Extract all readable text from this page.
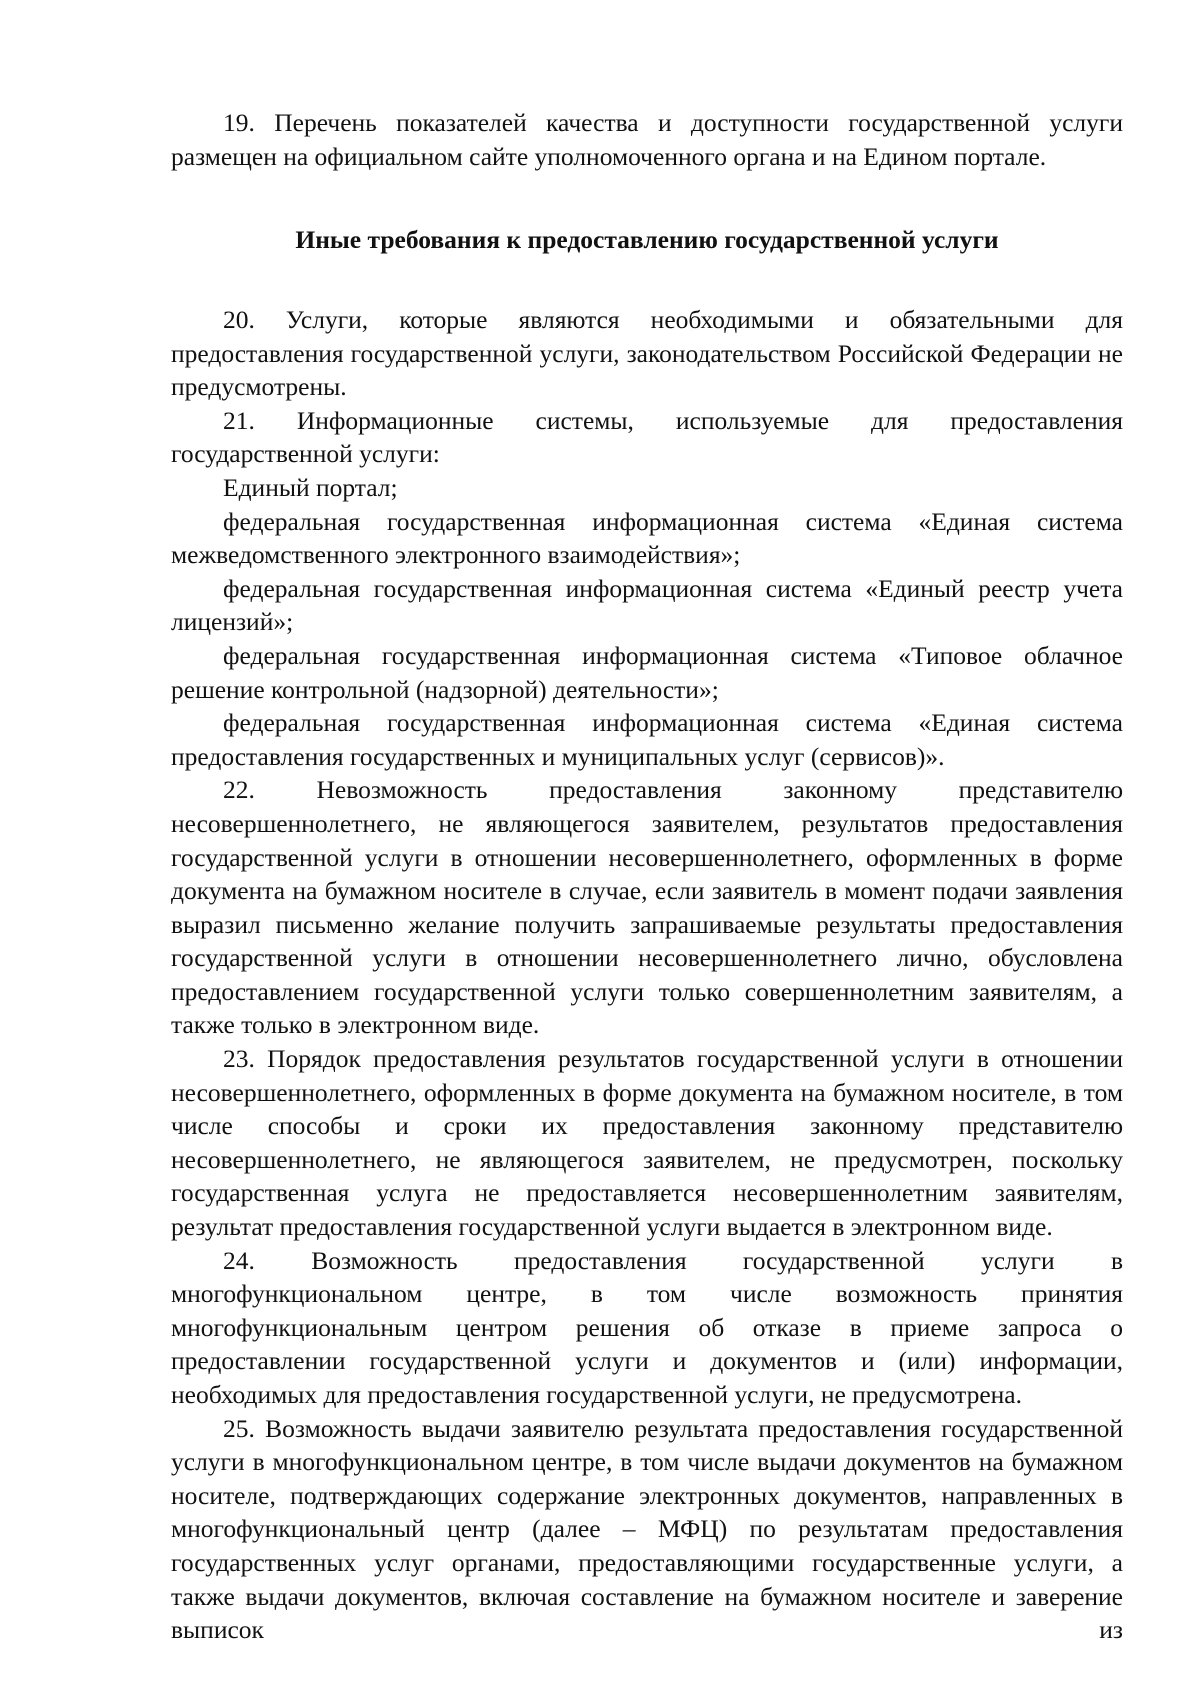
19. Перечень показателей качества и доступности государственной услуги размещен на официальном сайте уполномоченного органа и на Едином портале.

Иные требования к предоставлению государственной услуги

20. Услуги, которые являются необходимыми и обязательными для предоставления государственной услуги, законодательством Российской Федерации не предусмотрены.

21. Информационные системы, используемые для предоставления государственной услуги:

Единый портал;

федеральная государственная информационная система «Единая система межведомственного электронного взаимодействия»;

федеральная государственная информационная система «Единый реестр учета лицензий»;

федеральная государственная информационная система «Типовое облачное решение контрольной (надзорной) деятельности»;

федеральная государственная информационная система «Единая система предоставления государственных и муниципальных услуг (сервисов)».

22. Невозможность предоставления законному представителю несовершеннолетнего, не являющегося заявителем, результатов предоставления государственной услуги в отношении несовершеннолетнего, оформленных в форме документа на бумажном носителе в случае, если заявитель в момент подачи заявления выразил письменно желание получить запрашиваемые результаты предоставления государственной услуги в отношении несовершеннолетнего лично, обусловлена предоставлением государственной услуги только совершеннолетним заявителям, а также только в электронном виде.

23. Порядок предоставления результатов государственной услуги в отношении несовершеннолетнего, оформленных в форме документа на бумажном носителе, в том числе способы и сроки их предоставления законному представителю несовершеннолетнего, не являющегося заявителем, не предусмотрен, поскольку государственная услуга не предоставляется несовершеннолетним заявителям, результат предоставления государственной услуги выдается в электронном виде.

24. Возможность предоставления государственной услуги в многофункциональном центре, в том числе возможность принятия многофункциональным центром решения об отказе в приеме запроса о предоставлении государственной услуги и документов и (или) информации, необходимых для предоставления государственной услуги, не предусмотрена.

25. Возможность выдачи заявителю результата предоставления государственной услуги в многофункциональном центре, в том числе выдачи документов на бумажном носителе, подтверждающих содержание электронных документов, направленных в многофункциональный центр (далее – МФЦ) по результатам предоставления государственных услуг органами, предоставляющими государственные услуги, а также выдачи документов, включая составление на бумажном носителе и заверение выписок из
